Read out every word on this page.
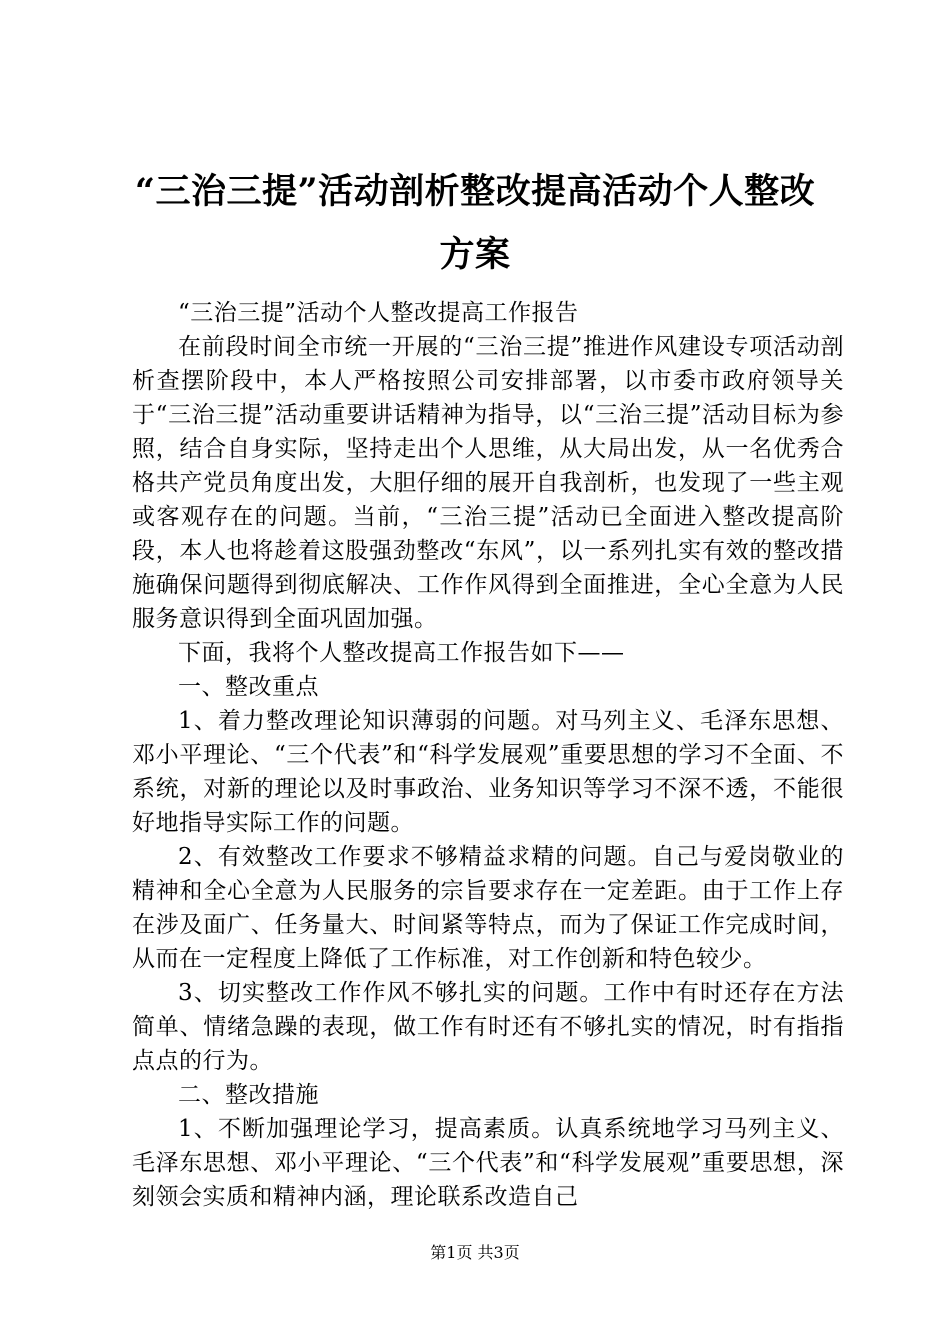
“三治三提”活动剖析整改提高活动个人整改
方案

“三治三提”活动个人整改提高工作报告

在前段时间全市统一开展的“三治三提”推进作风建设专项活动剖析查摆阶段中，本人严格按照公司安排部署，以市委市政府领导关于“三治三提”活动重要讲话精神为指导，以“三治三提”活动目标为参照，结合自身实际，坚持走出个人思维，从大局出发，从一名优秀合格共产党员角度出发，大胆仔细的展开自我剖析，也发现了一些主观或客观存在的问题。当前，“三治三提”活动已全面进入整改提高阶段，本人也将趁着这股强劲整改“东风”，以一系列扎实有效的整改措施确保问题得到彻底解决、工作作风得到全面推进，全心全意为人民服务意识得到全面巩固加强。

下面，我将个人整改提高工作报告如下——

一、整改重点

1、着力整改理论知识薄弱的问题。对马列主义、毛泽东思想、邓小平理论、“三个代表”和“科学发展观”重要思想的学习不全面、不系统，对新的理论以及时事政治、业务知识等学习不深不透，不能很好地指导实际工作的问题。

2、有效整改工作要求不够精益求精的问题。自己与爱岗敬业的精神和全心全意为人民服务的宗旨要求存在一定差距。由于工作上存在涉及面广、任务量大、时间紧等特点，而为了保证工作完成时间，从而在一定程度上降低了工作标准，对工作创新和特色较少。

3、切实整改工作作风不够扎实的问题。工作中有时还存在方法简单、情绪急躁的表现，做工作有时还有不够扎实的情况，时有指指点点的行为。

二、整改措施

1、不断加强理论学习，提高素质。认真系统地学习马列主义、毛泽东思想、邓小平理论、“三个代表”和“科学发展观”重要思想，深刻领会实质和精神内涵，理论联系改造自己

第1页 共3页
